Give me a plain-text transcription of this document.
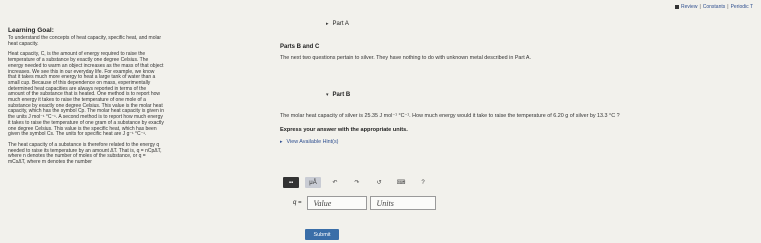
Review | Constants | Periodic T
Learning Goal:

To understand the concepts of heat capacity, specific heat, and molar heat capacity.

Heat capacity, C, is the amount of energy required to raise the temperature of a substance by exactly one degree Celsius. The energy needed to warm an object increases as the mass of that object increases. We see this in our everyday life. For example, we know that it takes much more energy to heat a large tank of water than a small cup. Because of this dependence on mass, experimentally determined heat capacities are always reported in terms of the amount of the substance that is heated. One method is to report how much energy it takes to raise the temperature of one mole of a substance by exactly one degree Celsius. This value is the molar heat capacity, which has the symbol Cp. The molar heat capacity is given in the units J mol⁻¹ °C⁻¹. A second method is to report how much energy it takes to raise the temperature of one gram of a substance by exactly one degree Celsius. This value is the specific heat, which has been given the symbol Cs. The units for specific heat are J g⁻¹ °C⁻¹.

The heat capacity of a substance is therefore related to the energy q needed to raise its temperature by an amount ΔT. That is, q = nCpΔT, where n denotes the number of moles of the substance, or q = mCsΔT, where m denotes the number

▸ Part A
Parts B and C
The next two questions pertain to silver. They have nothing to do with unknown metal described in Part A.
▾ Part B
The molar heat capacity of silver is 25.35 J mol⁻¹ °C⁻¹. How much energy would it take to raise the temperature of 6.20 g of silver by 13.3 °C ?
Express your answer with the appropriate units.
▸ View Available Hint(s)
▪▪	μÅ	↶	↷	↺	⌨	?
q =	Value	Units
Submit
